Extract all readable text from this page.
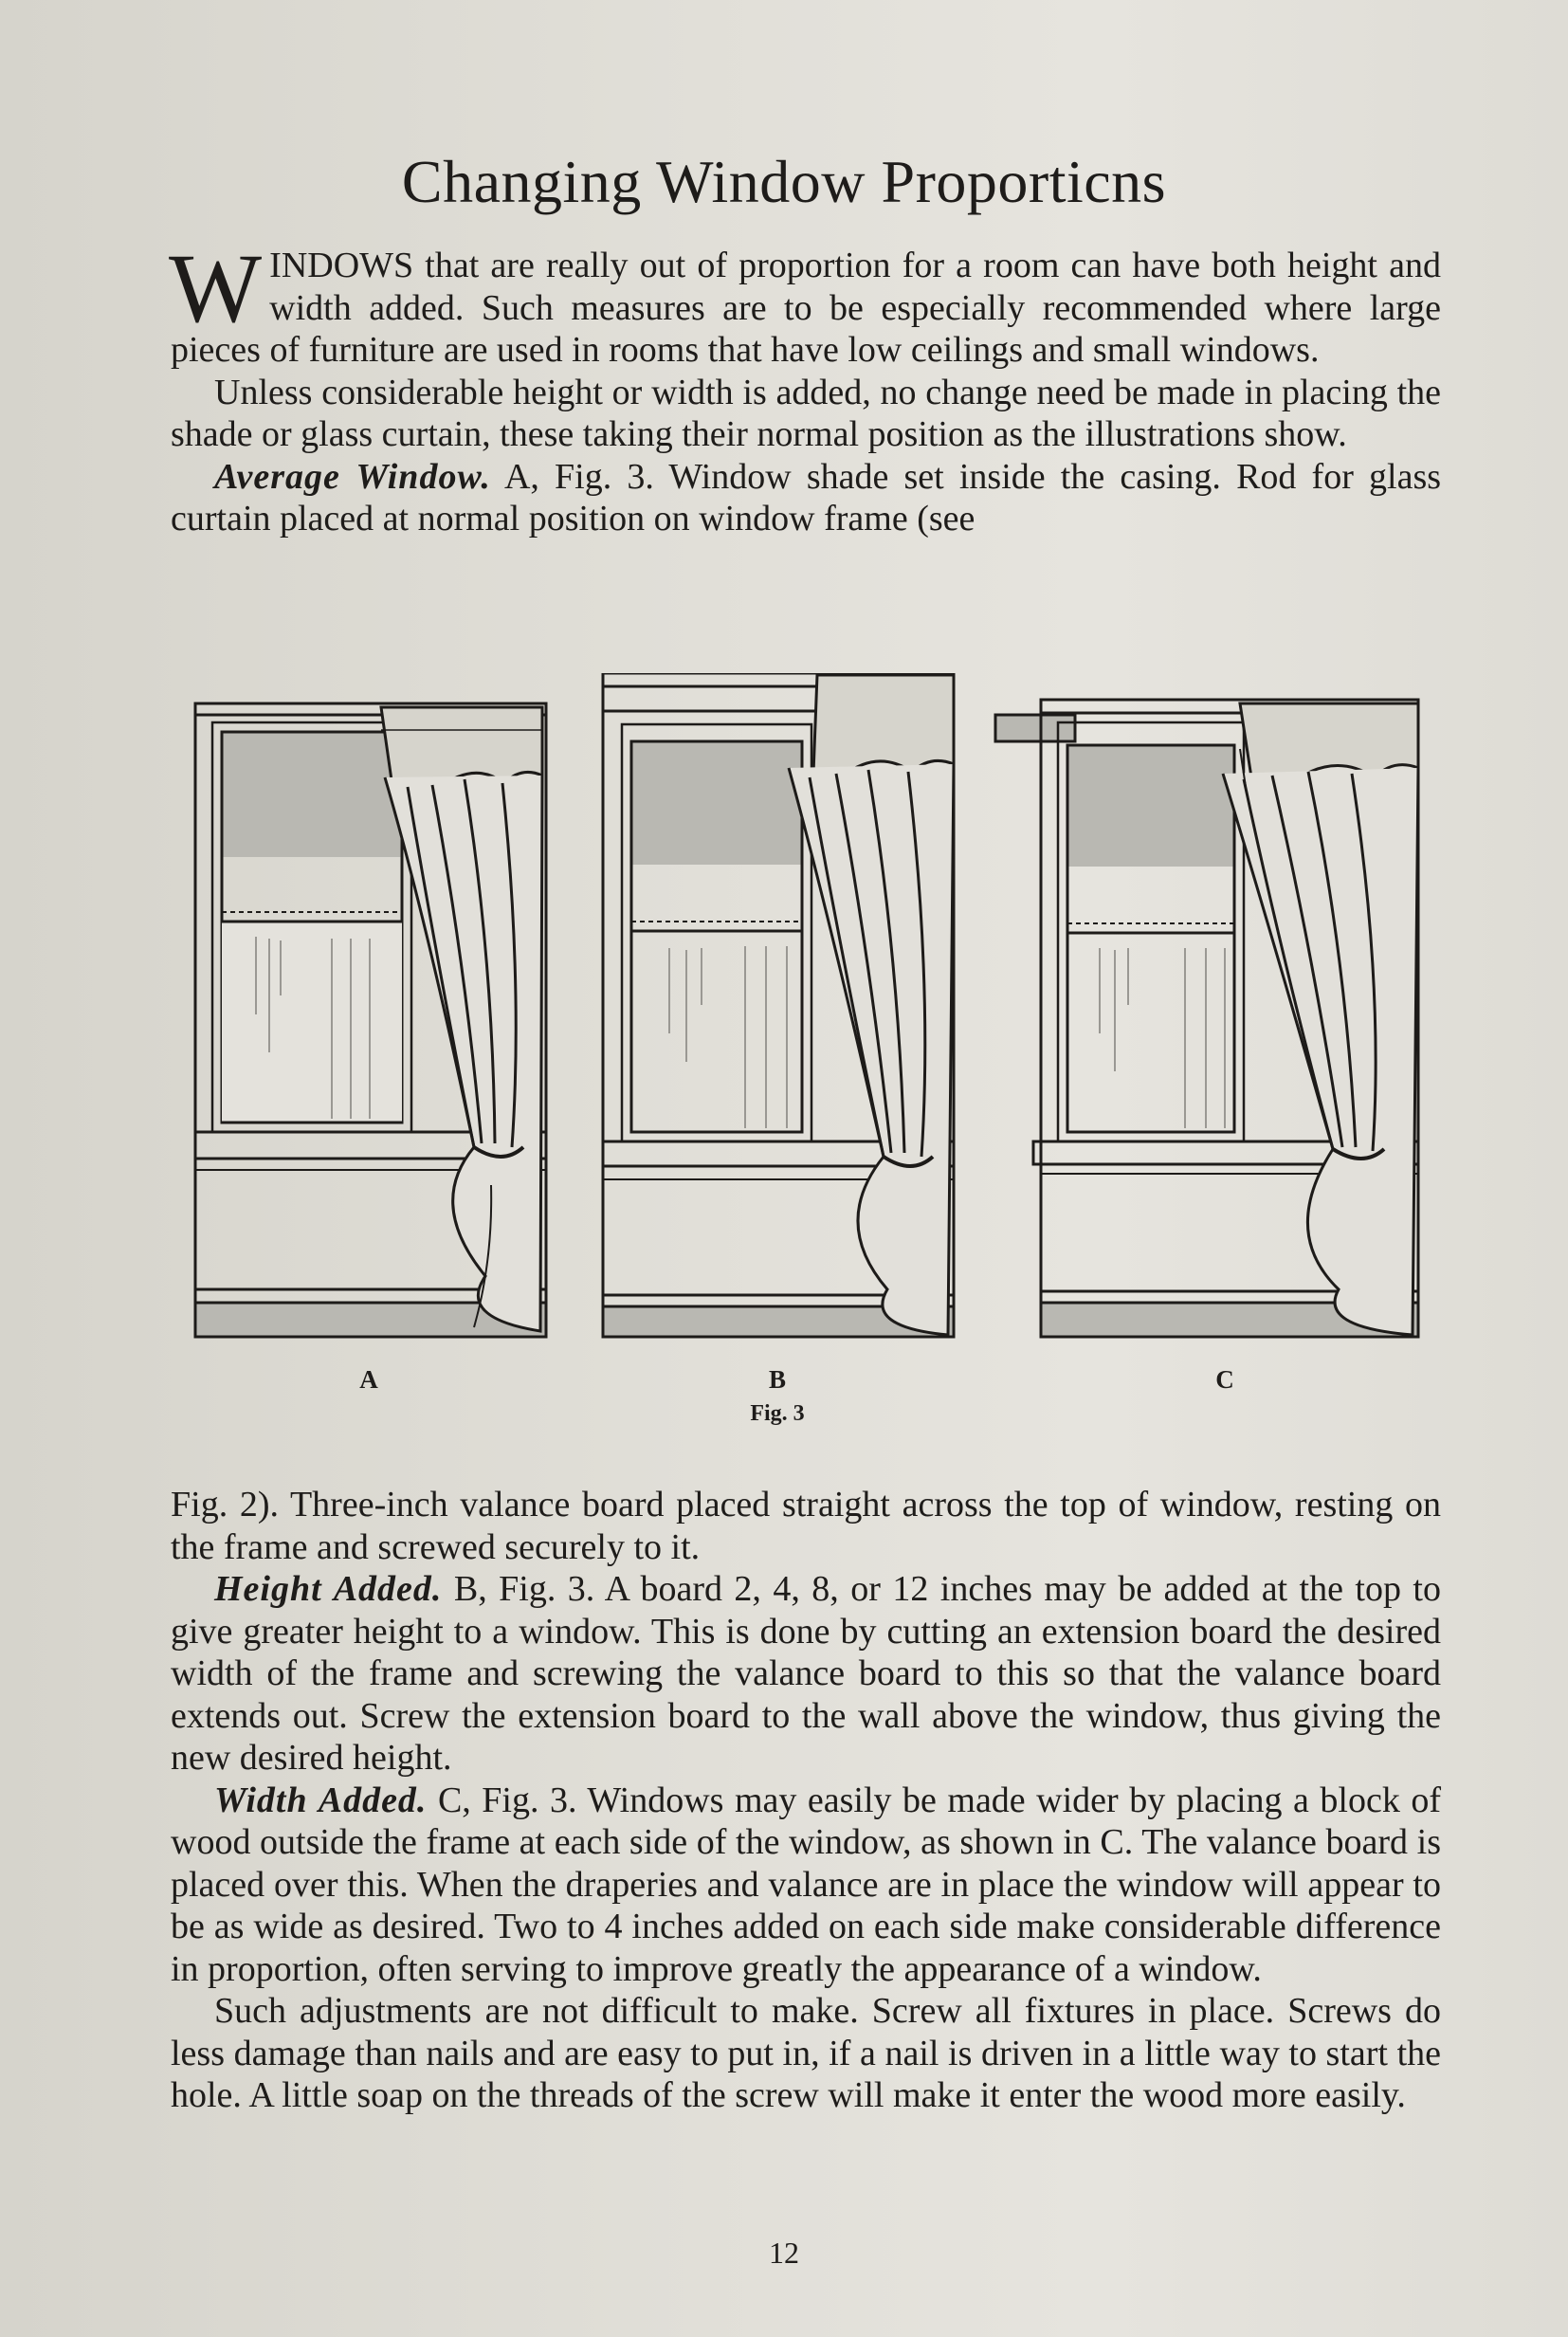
Changing Window Proporticns

WINDOWS that are really out of proportion for a room can have both height and width added. Such measures are to be especially recommended where large pieces of furniture are used in rooms that have low ceilings and small windows.

Unless considerable height or width is added, no change need be made in placing the shade or glass curtain, these taking their normal position as the illustrations show.

Average Window. A, Fig. 3. Window shade set inside the casing. Rod for glass curtain placed at normal position on window frame (see

A	B	C
Fig. 3

Fig. 2). Three-inch valance board placed straight across the top of window, resting on the frame and screwed securely to it.

Height Added. B, Fig. 3. A board 2, 4, 8, or 12 inches may be added at the top to give greater height to a window. This is done by cutting an extension board the desired width of the frame and screwing the valance board to this so that the valance board extends out. Screw the extension board to the wall above the window, thus giving the new desired height.

Width Added. C, Fig. 3. Windows may easily be made wider by placing a block of wood outside the frame at each side of the window, as shown in C. The valance board is placed over this. When the draperies and valance are in place the window will appear to be as wide as desired. Two to 4 inches added on each side make considerable difference in proportion, often serving to improve greatly the appearance of a window.

Such adjustments are not difficult to make. Screw all fixtures in place. Screws do less damage than nails and are easy to put in, if a nail is driven in a little way to start the hole. A little soap on the threads of the screw will make it enter the wood more easily.

12
